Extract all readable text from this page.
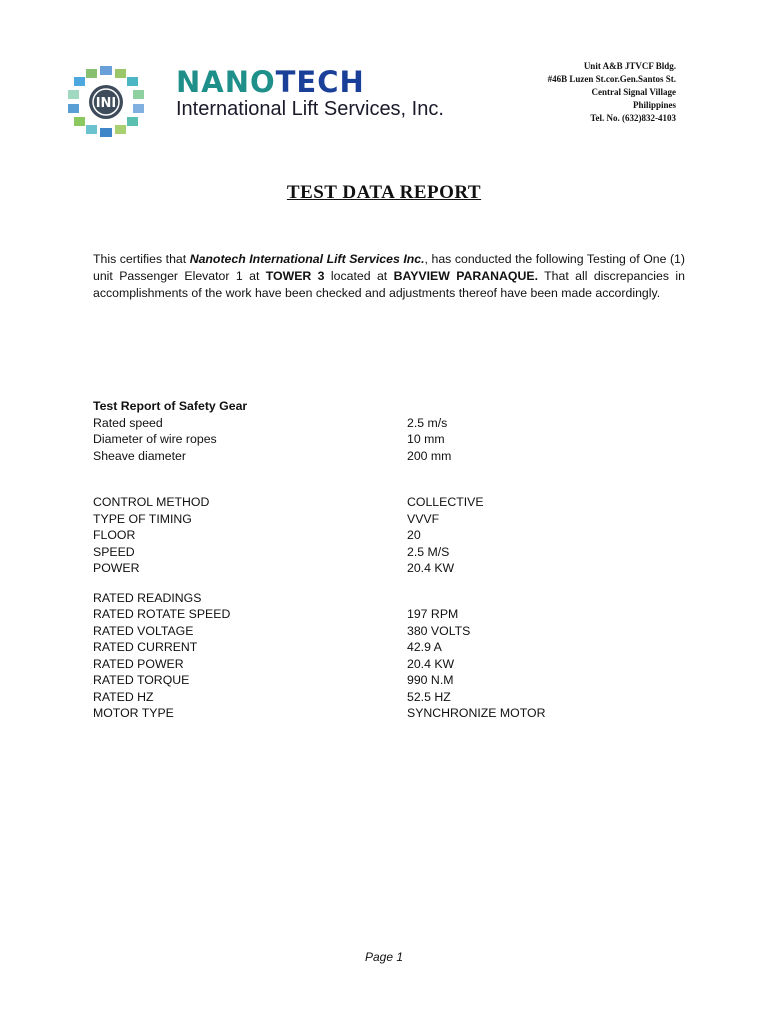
INI
NANOTECH
International Lift Services, Inc.
Unit A&B JTVCF Bldg.
#46B Luzen St.cor.Gen.Santos St.
Central Signal Village
Philippines
Tel. No. (632)832-4103
TEST DATA REPORT

This certifies that Nanotech International Lift Services Inc., has conducted the following Testing of One (1) unit Passenger Elevator 1 at TOWER 3 located at BAYVIEW PARANAQUE. That all discrepancies in accomplishments of the work have been checked and adjustments thereof have been made accordingly.

Test Report of Safety Gear
Rated speed	2.5 m/s
Diameter of wire ropes	10 mm
Sheave diameter	200 mm
CONTROL METHOD	COLLECTIVE
TYPE OF TIMING	VVVF
FLOOR	20
SPEED	2.5 M/S
POWER	20.4 KW
RATED READINGS
RATED ROTATE SPEED	197 RPM
RATED VOLTAGE	380 VOLTS
RATED CURRENT	42.9 A
RATED POWER	20.4 KW
RATED TORQUE	990 N.M
RATED HZ	52.5 HZ
MOTOR TYPE	SYNCHRONIZE MOTOR
Page 1
